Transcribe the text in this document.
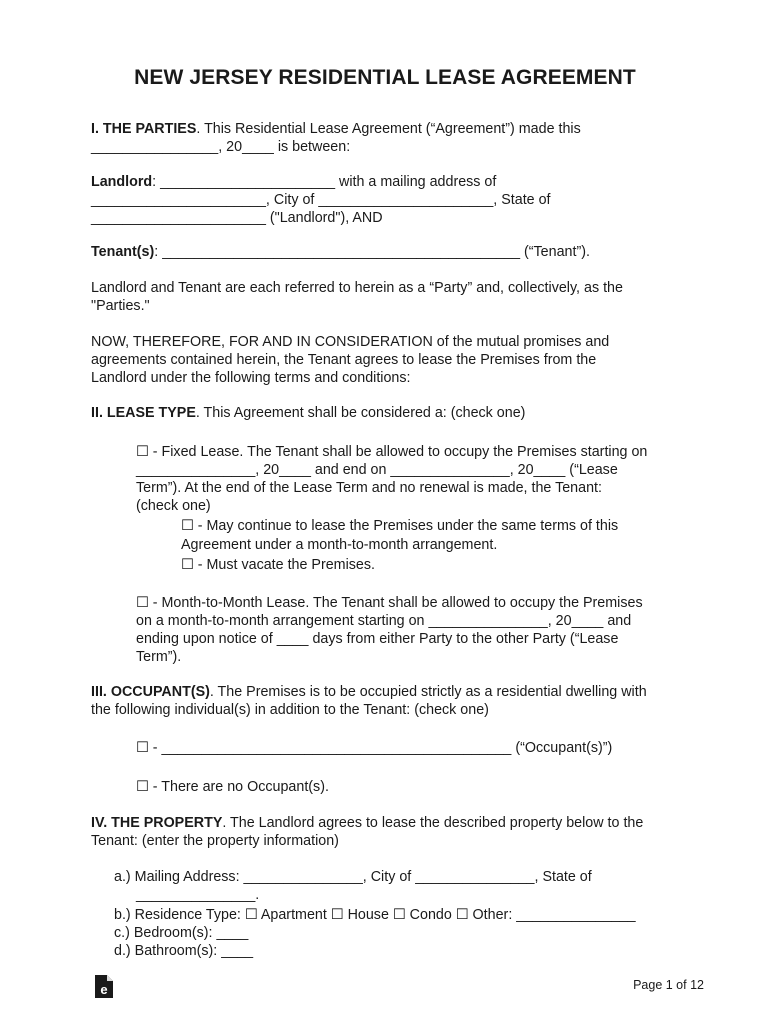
NEW JERSEY RESIDENTIAL LEASE AGREEMENT
I. THE PARTIES. This Residential Lease Agreement (“Agreement”) made this
________________, 20____ is between:
Landlord: ______________________ with a mailing address of
______________________, City of ______________________, State of
______________________ ("Landlord"), AND
Tenant(s): _____________________________________________ (“Tenant”).
Landlord and Tenant are each referred to herein as a “Party” and, collectively, as the
"Parties."
NOW, THEREFORE, FOR AND IN CONSIDERATION of the mutual promises and
agreements contained herein, the Tenant agrees to lease the Premises from the
Landlord under the following terms and conditions:
II. LEASE TYPE. This Agreement shall be considered a: (check one)
☐ - Fixed Lease. The Tenant shall be allowed to occupy the Premises starting on
_______________, 20____ and end on _______________, 20____ (“Lease
Term”). At the end of the Lease Term and no renewal is made, the Tenant:
(check one)
☐ - May continue to lease the Premises under the same terms of this
Agreement under a month-to-month arrangement.
☐ - Must vacate the Premises.
☐ - Month-to-Month Lease. The Tenant shall be allowed to occupy the Premises
on a month-to-month arrangement starting on _______________, 20____ and
ending upon notice of ____ days from either Party to the other Party (“Lease
Term”).
III. OCCUPANT(S). The Premises is to be occupied strictly as a residential dwelling with
the following individual(s) in addition to the Tenant: (check one)
☐ - ____________________________________________ (“Occupant(s)”)
☐ - There are no Occupant(s).
IV. THE PROPERTY. The Landlord agrees to lease the described property below to the
Tenant: (enter the property information)
a.) Mailing Address: _______________, City of _______________, State of
_______________.
b.) Residence Type: ☐ Apartment ☐ House ☐ Condo ☐ Other: _______________
c.) Bedroom(s): ____
d.) Bathroom(s): ____
e	Page 1 of 12
